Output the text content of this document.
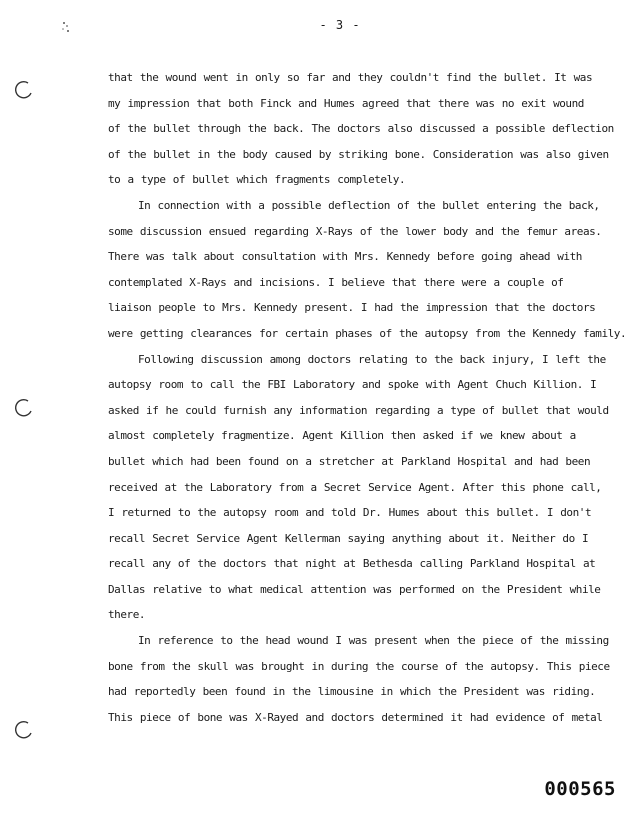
- 3 -
that the wound went in only so far and they couldn't find the bullet. It was
my impression that both Finck and Humes agreed that there was no exit wound
of the bullet through the back. The doctors also discussed a possible deflection
of the bullet in the body caused by striking bone. Consideration was also given
to a type of bullet which fragments completely.
In connection with a possible deflection of the bullet entering the back,
some discussion ensued regarding X-Rays of the lower body and the femur areas.
There was talk about consultation with Mrs. Kennedy before going ahead with
contemplated X-Rays and incisions. I believe that there were a couple of
liaison people to Mrs. Kennedy present. I had the impression that the doctors
were getting clearances for certain phases of the autopsy from the Kennedy family.
Following discussion among doctors relating to the back injury, I left the
autopsy room to call the FBI Laboratory and spoke with Agent Chuch Killion. I
asked if he could furnish any information regarding a type of bullet that would
almost completely fragmentize. Agent Killion then asked if we knew about a
bullet which had been found on a stretcher at Parkland Hospital and had been
received at the Laboratory from a Secret Service Agent. After this phone call,
I returned to the autopsy room and told Dr. Humes about this bullet. I don't
recall Secret Service Agent Kellerman saying anything about it. Neither do I
recall any of the doctors that night at Bethesda calling Parkland Hospital at
Dallas relative to what medical attention was performed on the President while
there.
In reference to the head wound I was present when the piece of the missing
bone from the skull was brought in during the course of the autopsy. This piece
had reportedly been found in the limousine in which the President was riding.
This piece of bone was X-Rayed and doctors determined it had evidence of metal
000565
